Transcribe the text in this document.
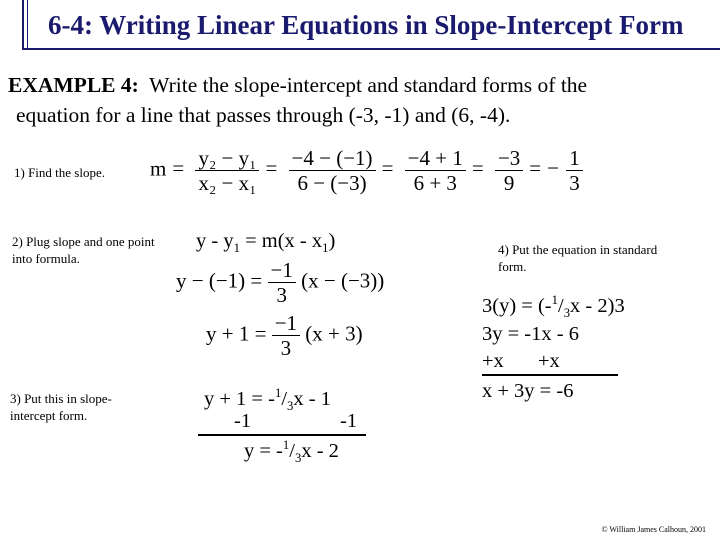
6-4: Writing Linear Equations in Slope-Intercept Form
EXAMPLE 4:  Write the slope-intercept and standard forms of the
equation for a line that passes through (-3, -1) and (6, -4).
1) Find the slope.
2) Plug slope and one point into formula.
3) Put this in slope-intercept form.
4) Put the equation in standard form.
$m = \frac{\text{y₂ − y₁}}{\text{x₂ − x₁}} = \frac{-4 - (-1)}{6 - (-3)} = \frac{-4 + 1}{6 + 3} = \frac{-3}{9}$ = − $\frac{1}{3}$
$y - y_1 = m(x - x_1)$
$y - (-1) = \frac{-1}{3} (x - (-3))$
$y + 1 = \frac{-1}{3} (x + 3)$
$y + 1 = -^1/_3x - 1$
-1	-1
$y = -^1/_3x - 2$
$3(y) = (-^1/_3x - 2)3$
3y = -1x - 6
+x +x
x + 3y = -6
© William James Calhoun, 2001
